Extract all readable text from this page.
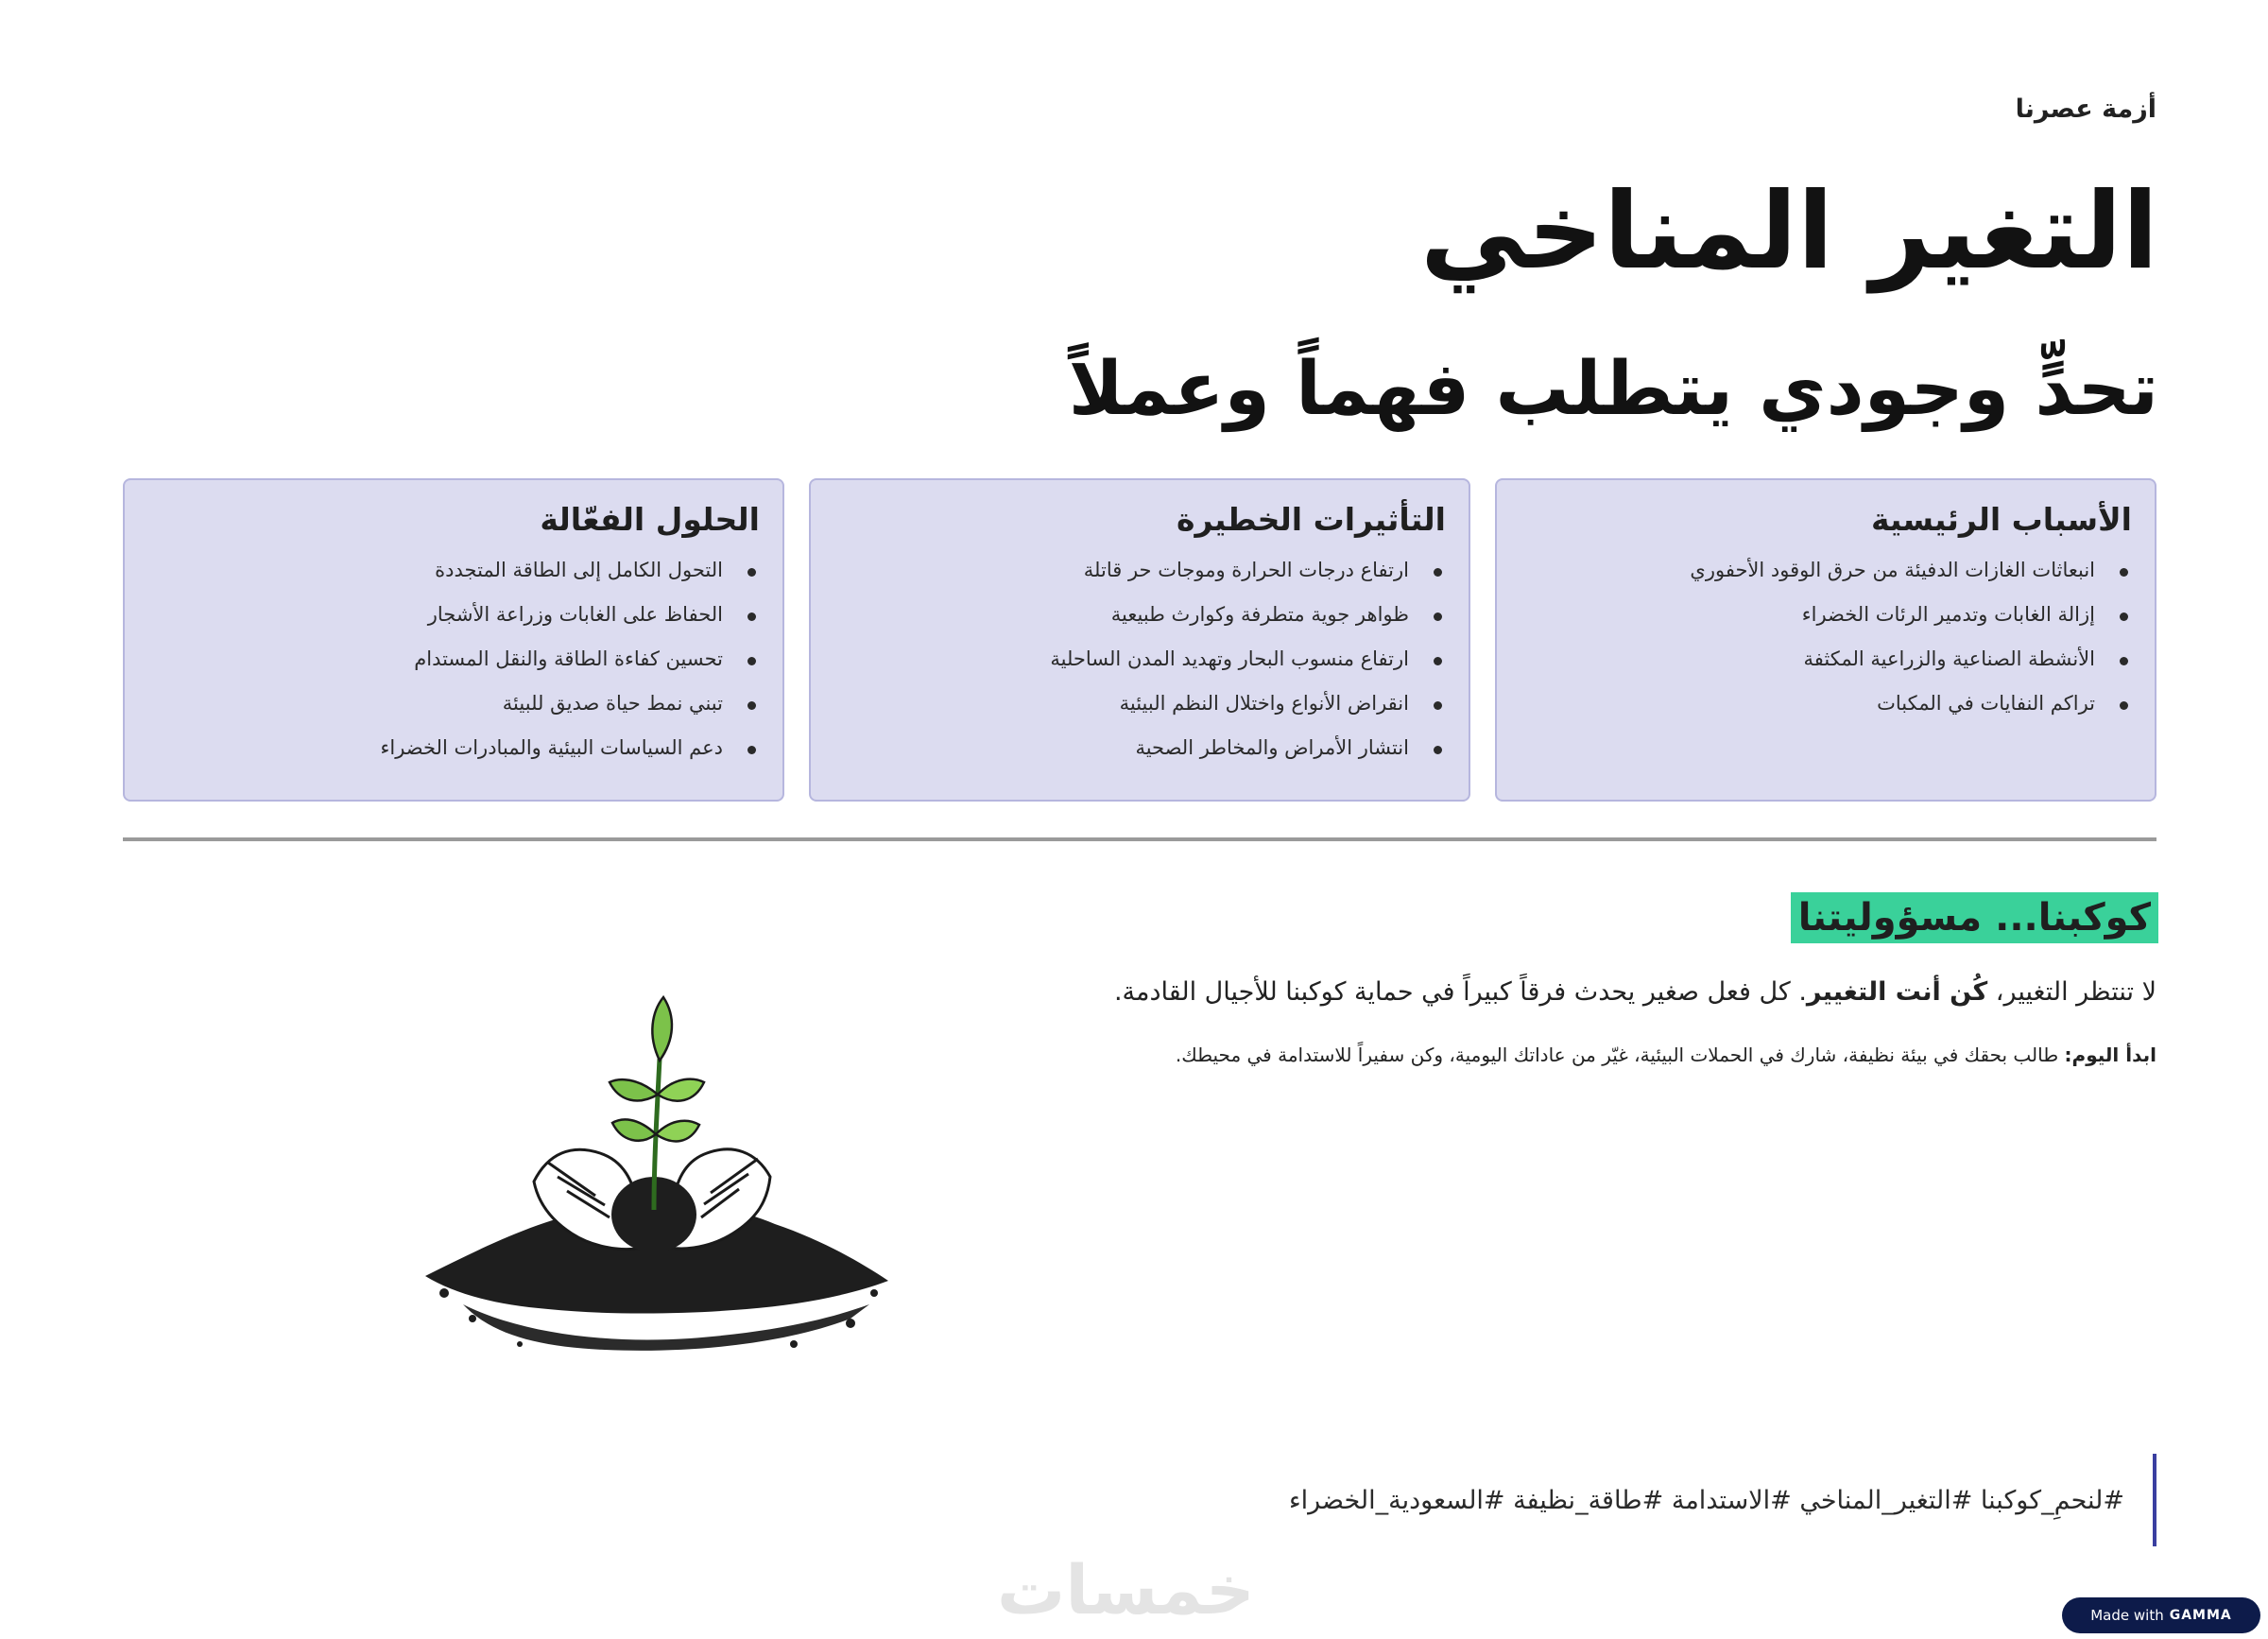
أزمة عصرنا
التغير المناخي
تحدٍّ وجودي يتطلب فهماً وعملاً
الأسباب الرئيسية
انبعاثات الغازات الدفيئة من حرق الوقود الأحفوري
إزالة الغابات وتدمير الرئات الخضراء
الأنشطة الصناعية والزراعية المكثفة
تراكم النفايات في المكبات
التأثيرات الخطيرة
ارتفاع درجات الحرارة وموجات حر قاتلة
ظواهر جوية متطرفة وكوارث طبيعية
ارتفاع منسوب البحار وتهديد المدن الساحلية
انقراض الأنواع واختلال النظم البيئية
انتشار الأمراض والمخاطر الصحية
الحلول الفعّالة
التحول الكامل إلى الطاقة المتجددة
الحفاظ على الغابات وزراعة الأشجار
تحسين كفاءة الطاقة والنقل المستدام
تبني نمط حياة صديق للبيئة
دعم السياسات البيئية والمبادرات الخضراء
كوكبنا... مسؤوليتنا

لا تنتظر التغيير، كُن أنت التغيير. كل فعل صغير يحدث فرقاً كبيراً في حماية كوكبنا للأجيال القادمة.

ابدأ اليوم: طالب بحقك في بيئة نظيفة، شارك في الحملات البيئية، غيّر من عاداتك اليومية، وكن سفيراً للاستدامة في محيطك.

#لنحمِ_كوكبنا #التغير_المناخي #الاستدامة #طاقة_نظيفة #السعودية_الخضراء
خمسات	Made with GAMMA
